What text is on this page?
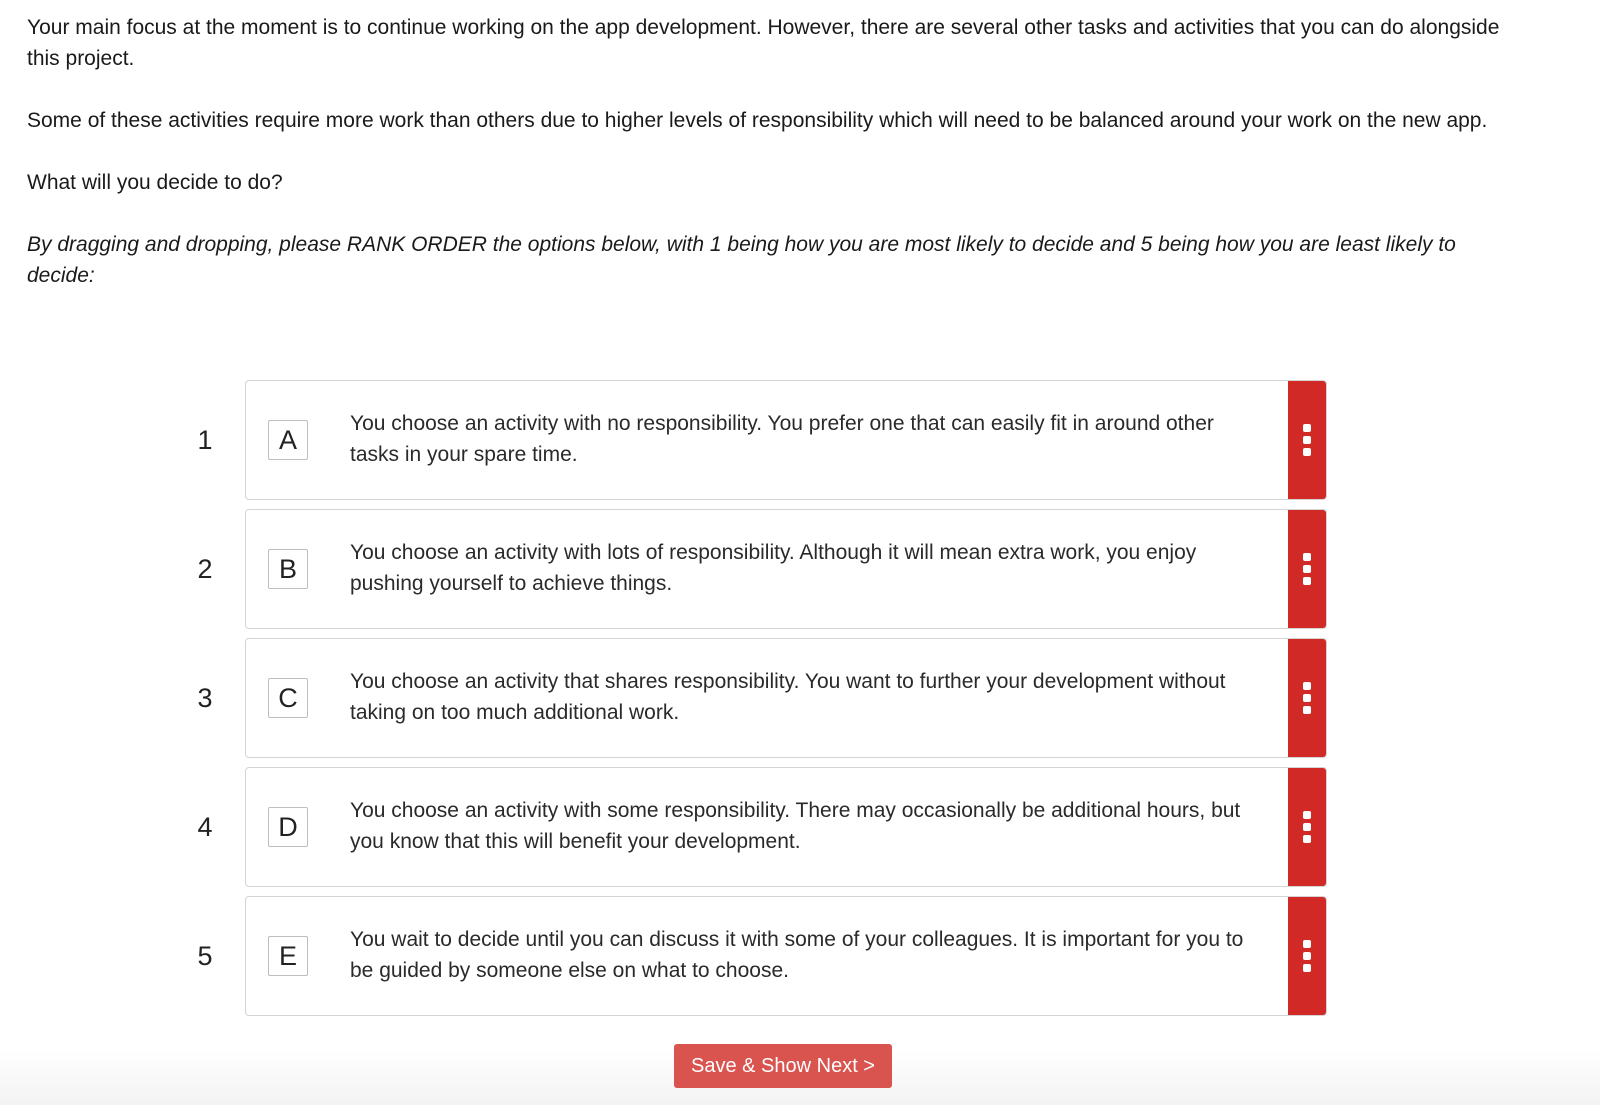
Your main focus at the moment is to continue working on the app development. However, there are several other tasks and activities that you can do alongside this project.

Some of these activities require more work than others due to higher levels of responsibility which will need to be balanced around your work on the new app.

What will you decide to do?

By dragging and dropping, please RANK ORDER the options below, with 1 being how you are most likely to decide and 5 being how you are least likely to decide:

1	A
You choose an activity with no responsibility. You prefer one that can easily fit in around other tasks in your spare time.
2	B
You choose an activity with lots of responsibility. Although it will mean extra work, you enjoy pushing yourself to achieve things.
3	C
You choose an activity that shares responsibility. You want to further your development without taking on too much additional work.
4	D
You choose an activity with some responsibility. There may occasionally be additional hours, but you know that this will benefit your development.
5	E
You wait to decide until you can discuss it with some of your colleagues. It is important for you to be guided by someone else on what to choose.
Save & Show Next >
